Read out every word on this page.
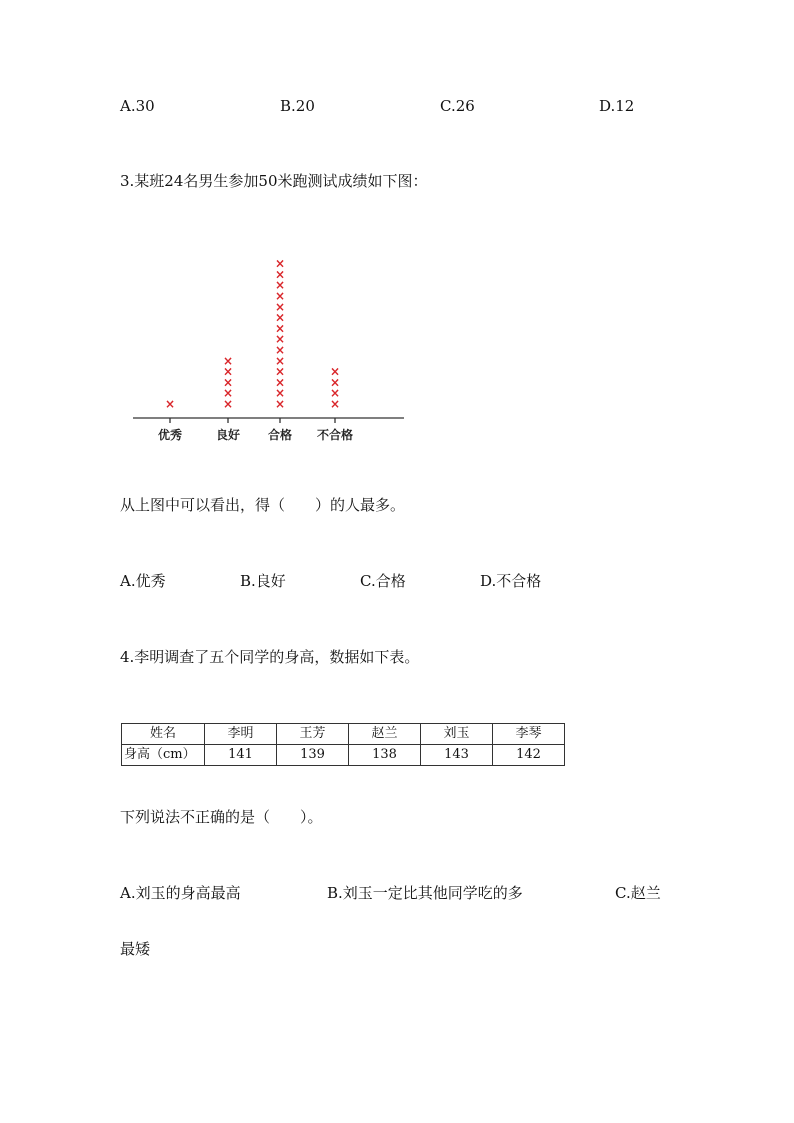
A.30	B.20	C.26	D.12
3.某班24名男生参加50米跑测试成绩如下图：
×	×
×
×
×
×
×
×
×
×
×
×
×
×
×
×
×
×
×
×
×
×
×
×
优秀	良好 合格 不合格
从上图中可以看出，得（　　）的人最多。
A.优秀	B.良好	C.合格	D.不合格
4.李明调查了五个同学的身高，数据如下表。
姓名	李明	王芳	赵兰	刘玉	李琴
身高（cm）	141	139	138	143	142
下列说法不正确的是（　　）。
A.刘玉的身高最高	B.刘玉一定比其他同学吃的多	C.赵兰
最矮
